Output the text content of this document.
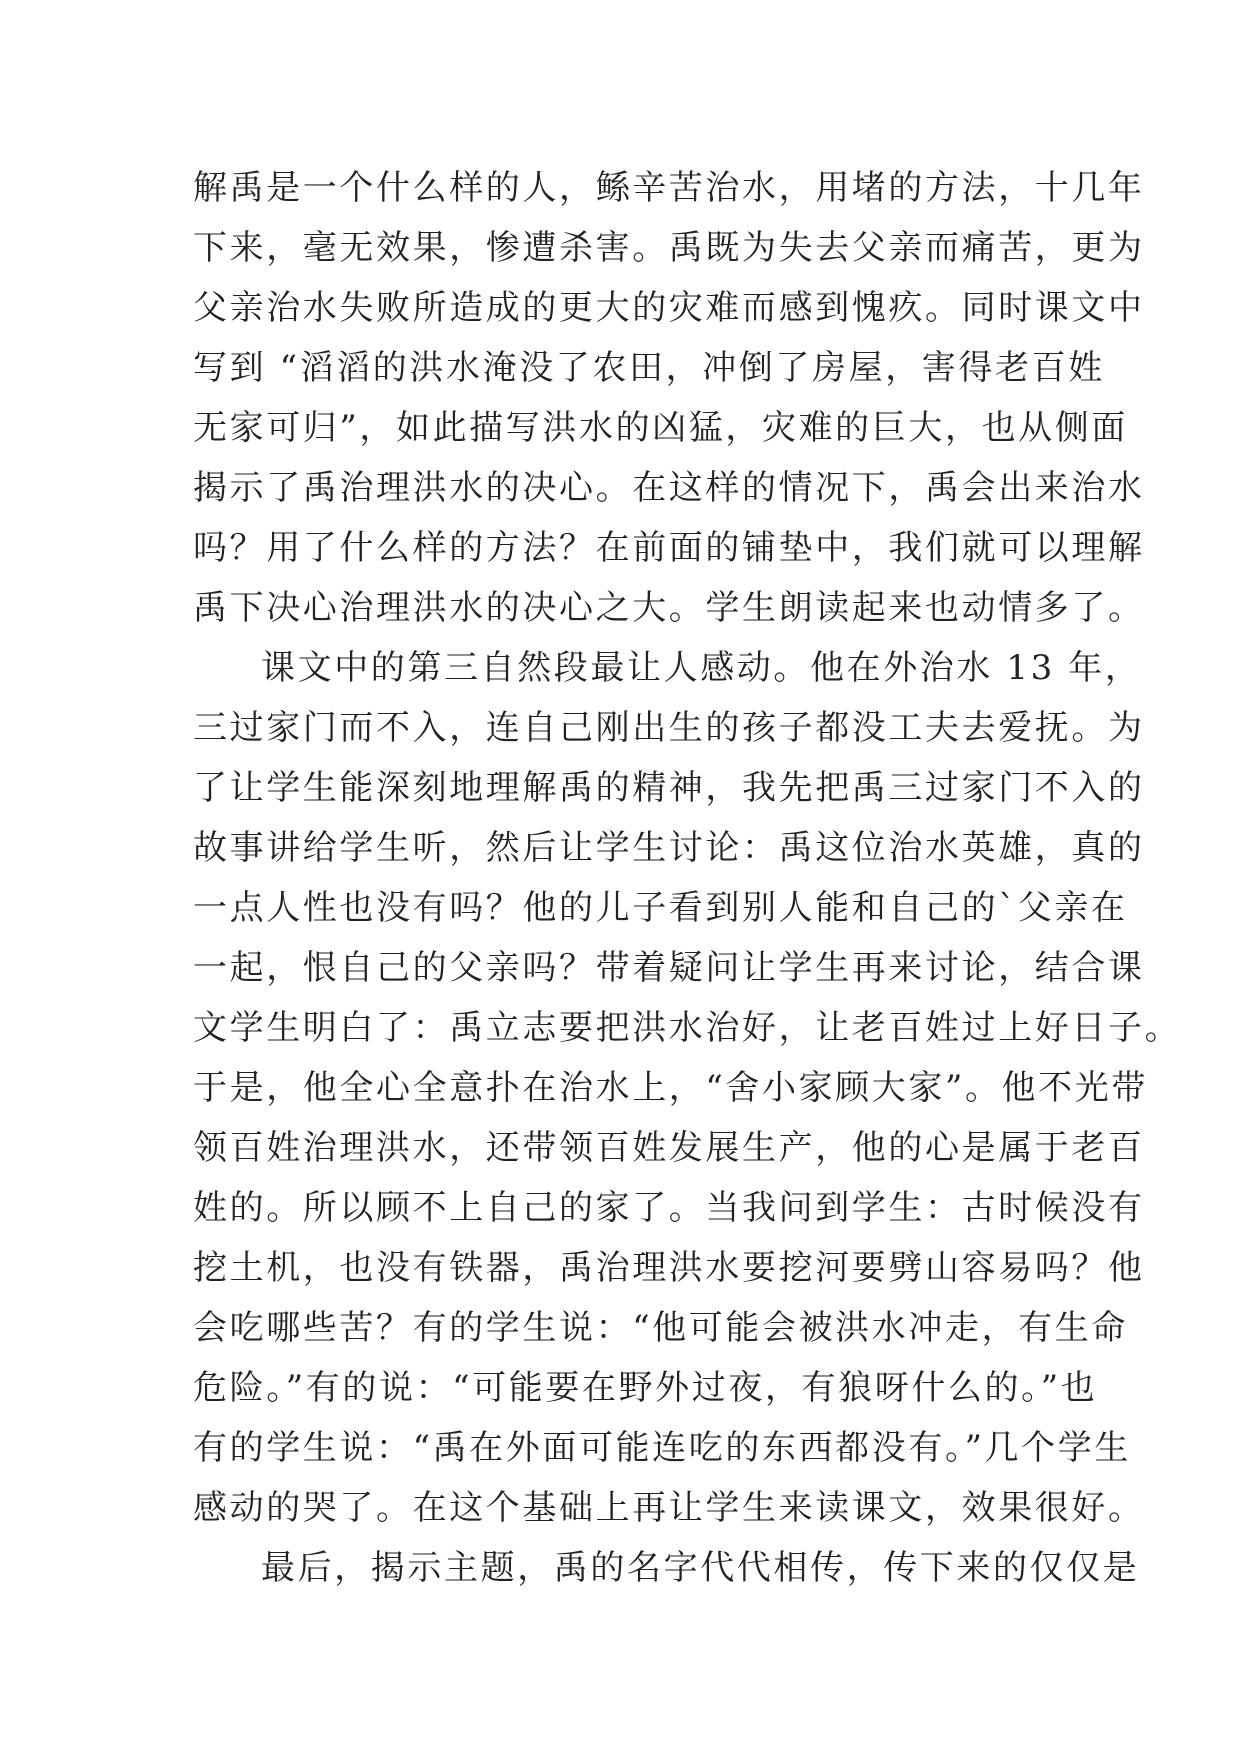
解禹是一个什么样的人，鲧辛苦治水，用堵的方法，十几年
下来，毫无效果，惨遭杀害。禹既为失去父亲而痛苦，更为
父亲治水失败所造成的更大的灾难而感到愧疚。同时课文中
写到 “滔滔的洪水淹没了农田，冲倒了房屋，害得老百姓
无家可归”，如此描写洪水的凶猛，灾难的巨大，也从侧面
揭示了禹治理洪水的决心。在这样的情况下，禹会出来治水
吗？用了什么样的方法？在前面的铺垫中，我们就可以理解
禹下决心治理洪水的决心之大。学生朗读起来也动情多了。
课文中的第三自然段最让人感动。他在外治水 13 年，
三过家门而不入，连自己刚出生的孩子都没工夫去爱抚。为
了让学生能深刻地理解禹的精神，我先把禹三过家门不入的
故事讲给学生听，然后让学生讨论：禹这位治水英雄，真的
一点人性也没有吗？他的儿子看到别人能和自己的`父亲在
一起，恨自己的父亲吗？带着疑问让学生再来讨论，结合课
文学生明白了：禹立志要把洪水治好，让老百姓过上好日子。
于是，他全心全意扑在治水上，“舍小家顾大家”。他不光带
领百姓治理洪水，还带领百姓发展生产，他的心是属于老百
姓的。所以顾不上自己的家了。当我问到学生：古时候没有
挖土机，也没有铁器，禹治理洪水要挖河要劈山容易吗？他
会吃哪些苦？有的学生说：“他可能会被洪水冲走，有生命
危险。”有的说：“可能要在野外过夜，有狼呀什么的。”也
有的学生说：“禹在外面可能连吃的东西都没有。”几个学生
感动的哭了。在这个基础上再让学生来读课文，效果很好。
最后，揭示主题，禹的名字代代相传，传下来的仅仅是
